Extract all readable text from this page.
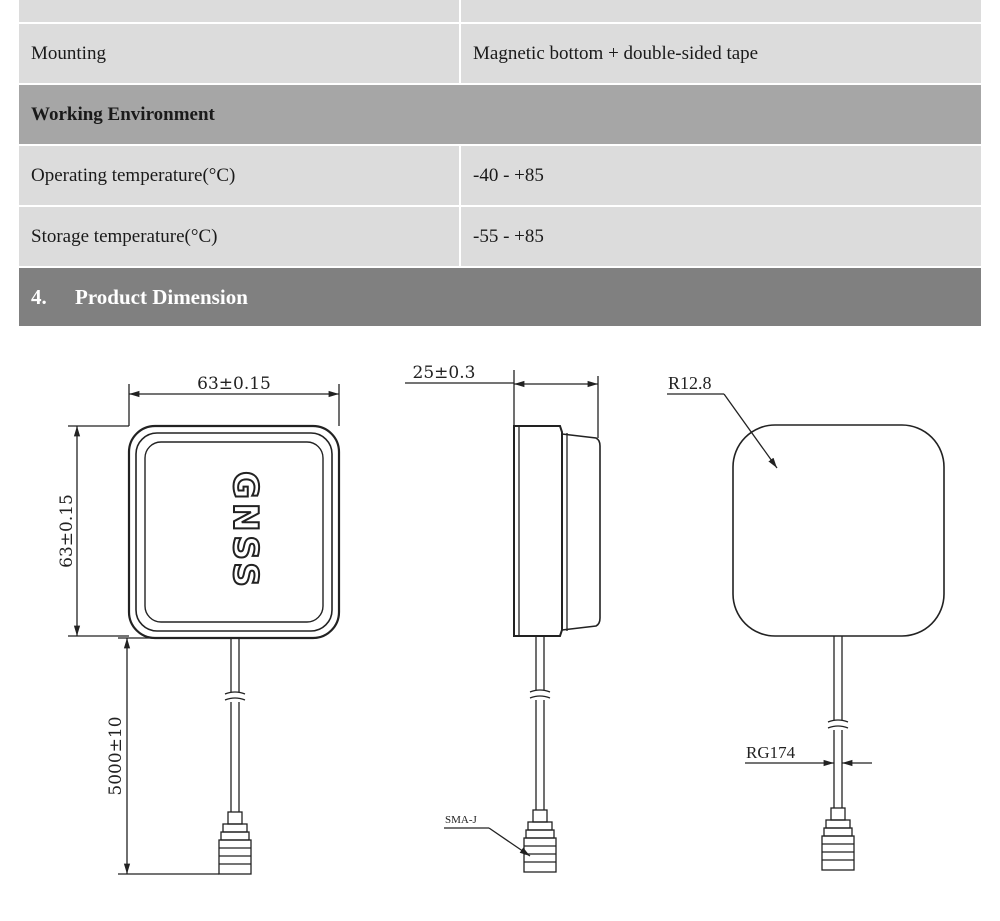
Mounting	Magnetic bottom + double-sided tape
Working Environment
Operating temperature(°C)	-40 - +85
Storage temperature(°C)	-55 - +85
4.	Product Dimension
63±0.15
63±0.15
5000±10
GNSS
25±0.3
SMA-J
R12.8
RG174
